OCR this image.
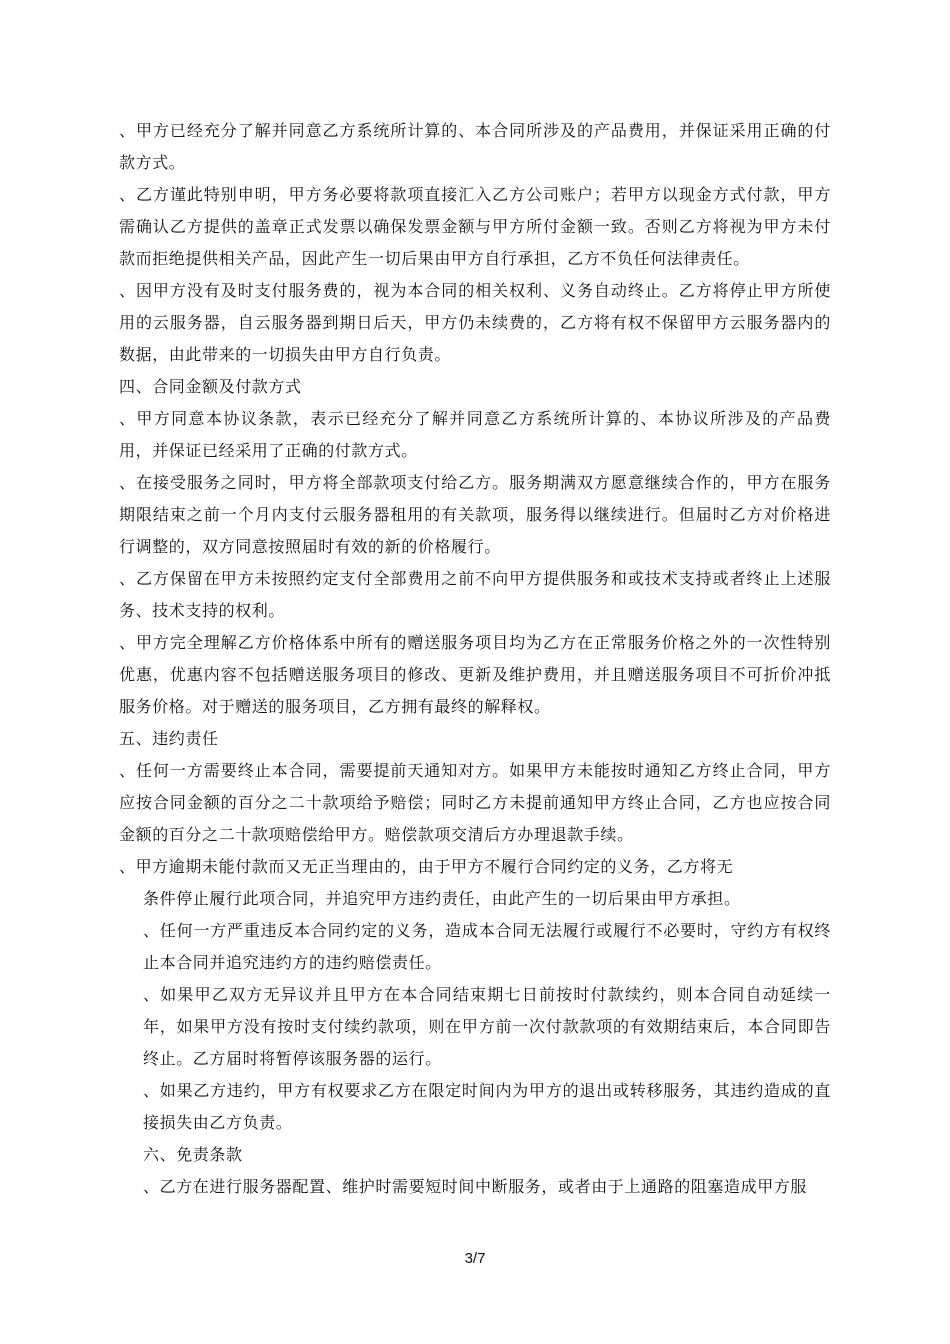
、甲方已经充分了解并同意乙方系统所计算的、本合同所涉及的产品费用，并保证采用正确的付款方式。

、乙方谨此特别申明，甲方务必要将款项直接汇入乙方公司账户；若甲方以现金方式付款，甲方需确认乙方提供的盖章正式发票以确保发票金额与甲方所付金额一致。否则乙方将视为甲方未付款而拒绝提供相关产品，因此产生一切后果由甲方自行承担，乙方不负任何法律责任。

、因甲方没有及时支付服务费的，视为本合同的相关权利、义务自动终止。乙方将停止甲方所使用的云服务器，自云服务器到期日后天，甲方仍未续费的，乙方将有权不保留甲方云服务器内的数据，由此带来的一切损失由甲方自行负责。

四、合同金额及付款方式

、甲方同意本协议条款，表示已经充分了解并同意乙方系统所计算的、本协议所涉及的产品费用，并保证已经采用了正确的付款方式。

、在接受服务之同时，甲方将全部款项支付给乙方。服务期满双方愿意继续合作的，甲方在服务期限结束之前一个月内支付云服务器租用的有关款项，服务得以继续进行。但届时乙方对价格进行调整的，双方同意按照届时有效的新的价格履行。

、乙方保留在甲方未按照约定支付全部费用之前不向甲方提供服务和或技术支持或者终止上述服务、技术支持的权利。

、甲方完全理解乙方价格体系中所有的赠送服务项目均为乙方在正常服务价格之外的一次性特别优惠，优惠内容不包括赠送服务项目的修改、更新及维护费用，并且赠送服务项目不可折价冲抵服务价格。对于赠送的服务项目，乙方拥有最终的解释权。

五、违约责任

、任何一方需要终止本合同，需要提前天通知对方。如果甲方未能按时通知乙方终止合同，甲方应按合同金额的百分之二十款项给予赔偿；同时乙方未提前通知甲方终止合同，乙方也应按合同金额的百分之二十款项赔偿给甲方。赔偿款项交清后方办理退款手续。

、甲方逾期未能付款而又无正当理由的，由于甲方不履行合同约定的义务，乙方将无

条件停止履行此项合同，并追究甲方违约责任，由此产生的一切后果由甲方承担。

、任何一方严重违反本合同约定的义务，造成本合同无法履行或履行不必要时，守约方有权终止本合同并追究违约方的违约赔偿责任。

、如果甲乙双方无异议并且甲方在本合同结束期七日前按时付款续约，则本合同自动延续一年，如果甲方没有按时支付续约款项，则在甲方前一次付款款项的有效期结束后，本合同即告终止。乙方届时将暂停该服务器的运行。

、如果乙方违约，甲方有权要求乙方在限定时间内为甲方的退出或转移服务，其违约造成的直接损失由乙方负责。

六、免责条款

、乙方在进行服务器配置、维护时需要短时间中断服务，或者由于上通路的阻塞造成甲方服

3/7
